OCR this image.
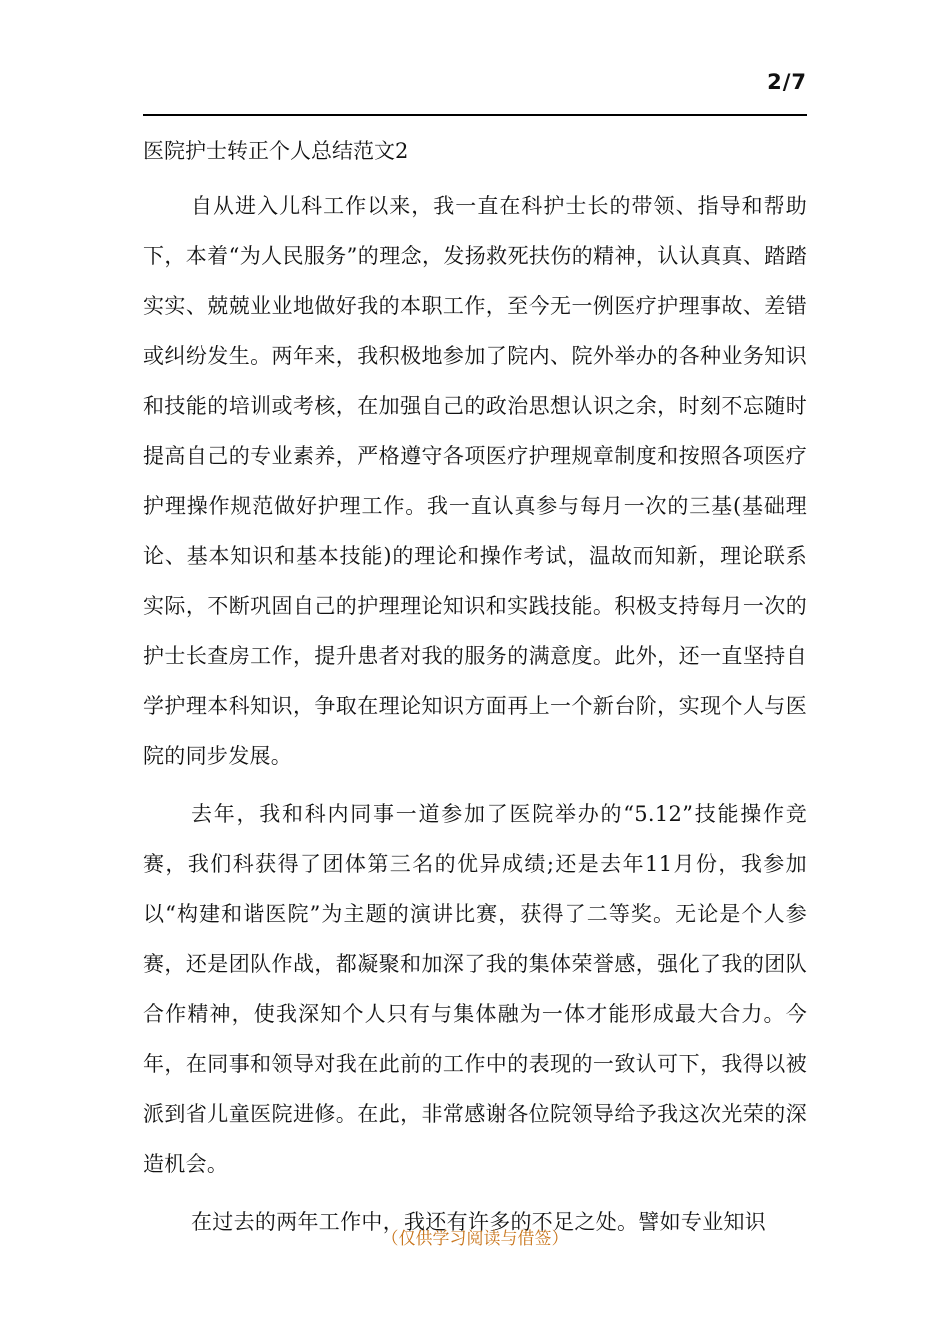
2/7
医院护士转正个人总结范文2

自从进入儿科工作以来，我一直在科护士长的带领、指导和帮助下，本着“为人民服务”的理念，发扬救死扶伤的精神，认认真真、踏踏实实、兢兢业业地做好我的本职工作，至今无一例医疗护理事故、差错或纠纷发生。两年来，我积极地参加了院内、院外举办的各种业务知识和技能的培训或考核，在加强自己的政治思想认识之余，时刻不忘随时提高自己的专业素养，严格遵守各项医疗护理规章制度和按照各项医疗护理操作规范做好护理工作。我一直认真参与每月一次的三基(基础理论、基本知识和基本技能)的理论和操作考试，温故而知新，理论联系实际，不断巩固自己的护理理论知识和实践技能。积极支持每月一次的护士长查房工作，提升患者对我的服务的满意度。此外，还一直坚持自学护理本科知识，争取在理论知识方面再上一个新台阶，实现个人与医院的同步发展。

去年，我和科内同事一道参加了医院举办的“5.12”技能操作竞赛，我们科获得了团体第三名的优异成绩;还是去年11月份，我参加以“构建和谐医院”为主题的演讲比赛，获得了二等奖。无论是个人参赛，还是团队作战，都凝聚和加深了我的集体荣誉感，强化了我的团队合作精神，使我深知个人只有与集体融为一体才能形成最大合力。今年，在同事和领导对我在此前的工作中的表现的一致认可下，我得以被派到省儿童医院进修。在此，非常感谢各位院领导给予我这次光荣的深造机会。

在过去的两年工作中，我还有许多的不足之处。譬如专业知识

（仅供学习阅读与借签）
